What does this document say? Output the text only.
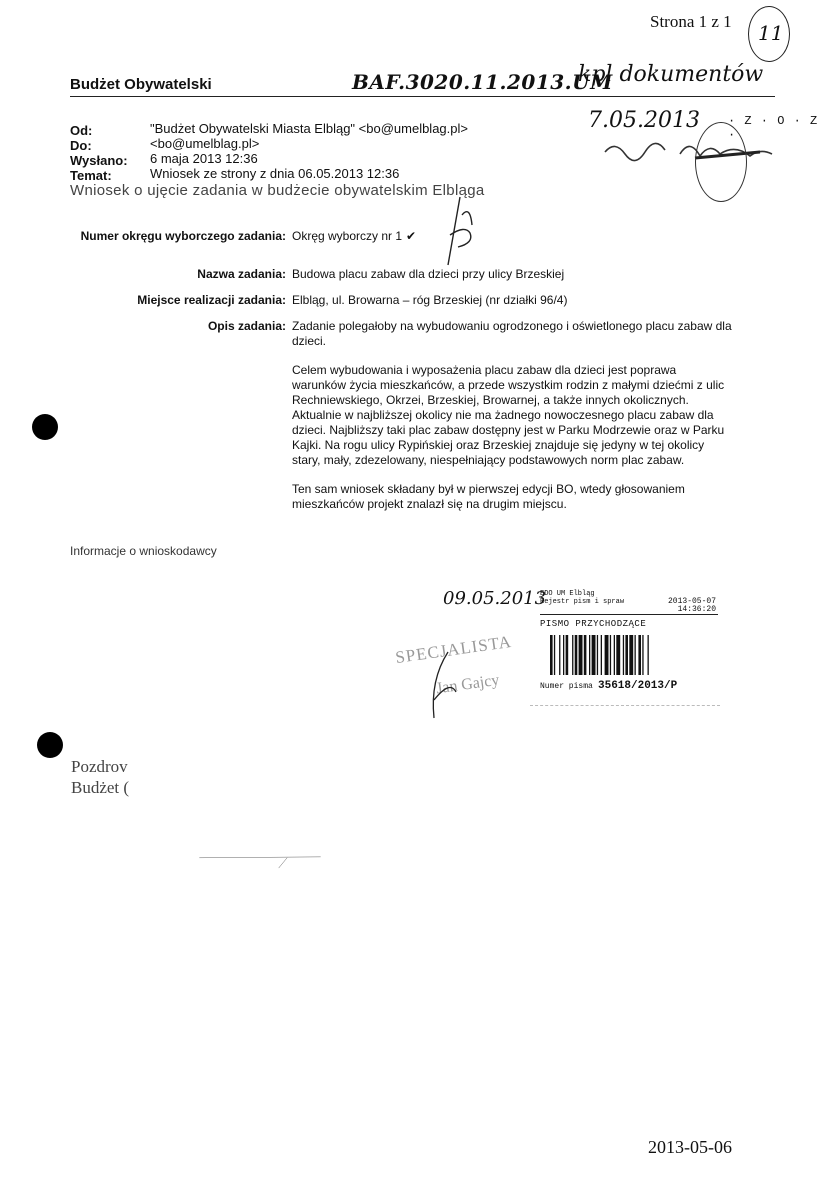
Strona 1 z 1 11
Budżet Obywatelski	BAF.3020.11.2013.UM
kpl dokumentów
7.05.2013 · Z · O · Z ·
Od:	"Budżet Obywatelski Miasta Elbląg" <bo@umelblag.pl>
Do:	<bo@umelblag.pl>
Wysłano: 6 maja 2013 12:36
Temat:	Wniosek ze strony z dnia 06.05.2013 12:36
Wniosek o ujęcie zadania w budżecie obywatelskim Elbląga
Numer okręgu wyborczego zadania: Okręg wyborczy nr 1 ✔
Nazwa zadania: Budowa placu zabaw dla dzieci przy ulicy Brzeskiej
Miejsce realizacji zadania: Elbląg, ul. Browarna – róg Brzeskiej (nr działki 96/4)
Opis zadania: Zadanie polegałoby na wybudowaniu ogrodzonego i oświetlonego placu zabaw dla dzieci.

Celem wybudowania i wyposażenia placu zabaw dla dzieci jest poprawa warunków życia mieszkańców, a przede wszystkim rodzin z małymi dziećmi z ulic Rechniewskiego, Okrzei, Brzeskiej, Browarnej, a także innych okolicznych. Aktualnie w najbliższej okolicy nie ma żadnego nowoczesnego placu zabaw dla dzieci. Najbliższy taki plac zabaw dostępny jest w Parku Modrzewie oraz w Parku Kajki. Na rogu ulicy Rypińskiej oraz Brzeskiej znajduje się jedyny w tej okolicy stary, mały, zdezelowany, niespełniający podstawowych norm plac zabaw.

Ten sam wniosek składany był w pierwszej edycji BO, wtedy głosowaniem mieszkańców projekt znalazł się na drugim miejscu.

Informacje o wnioskodawcy
09.05.2013
SPECJALISTA
Jan Gajcy
EDO UM Elbląg
Rejestr pism i spraw	2013-05-07
14:36:20
PISMO PRZYCHODZĄCE
Numer pisma 35618/2013/P
Pozdrov
Budżet (
2013-05-06
